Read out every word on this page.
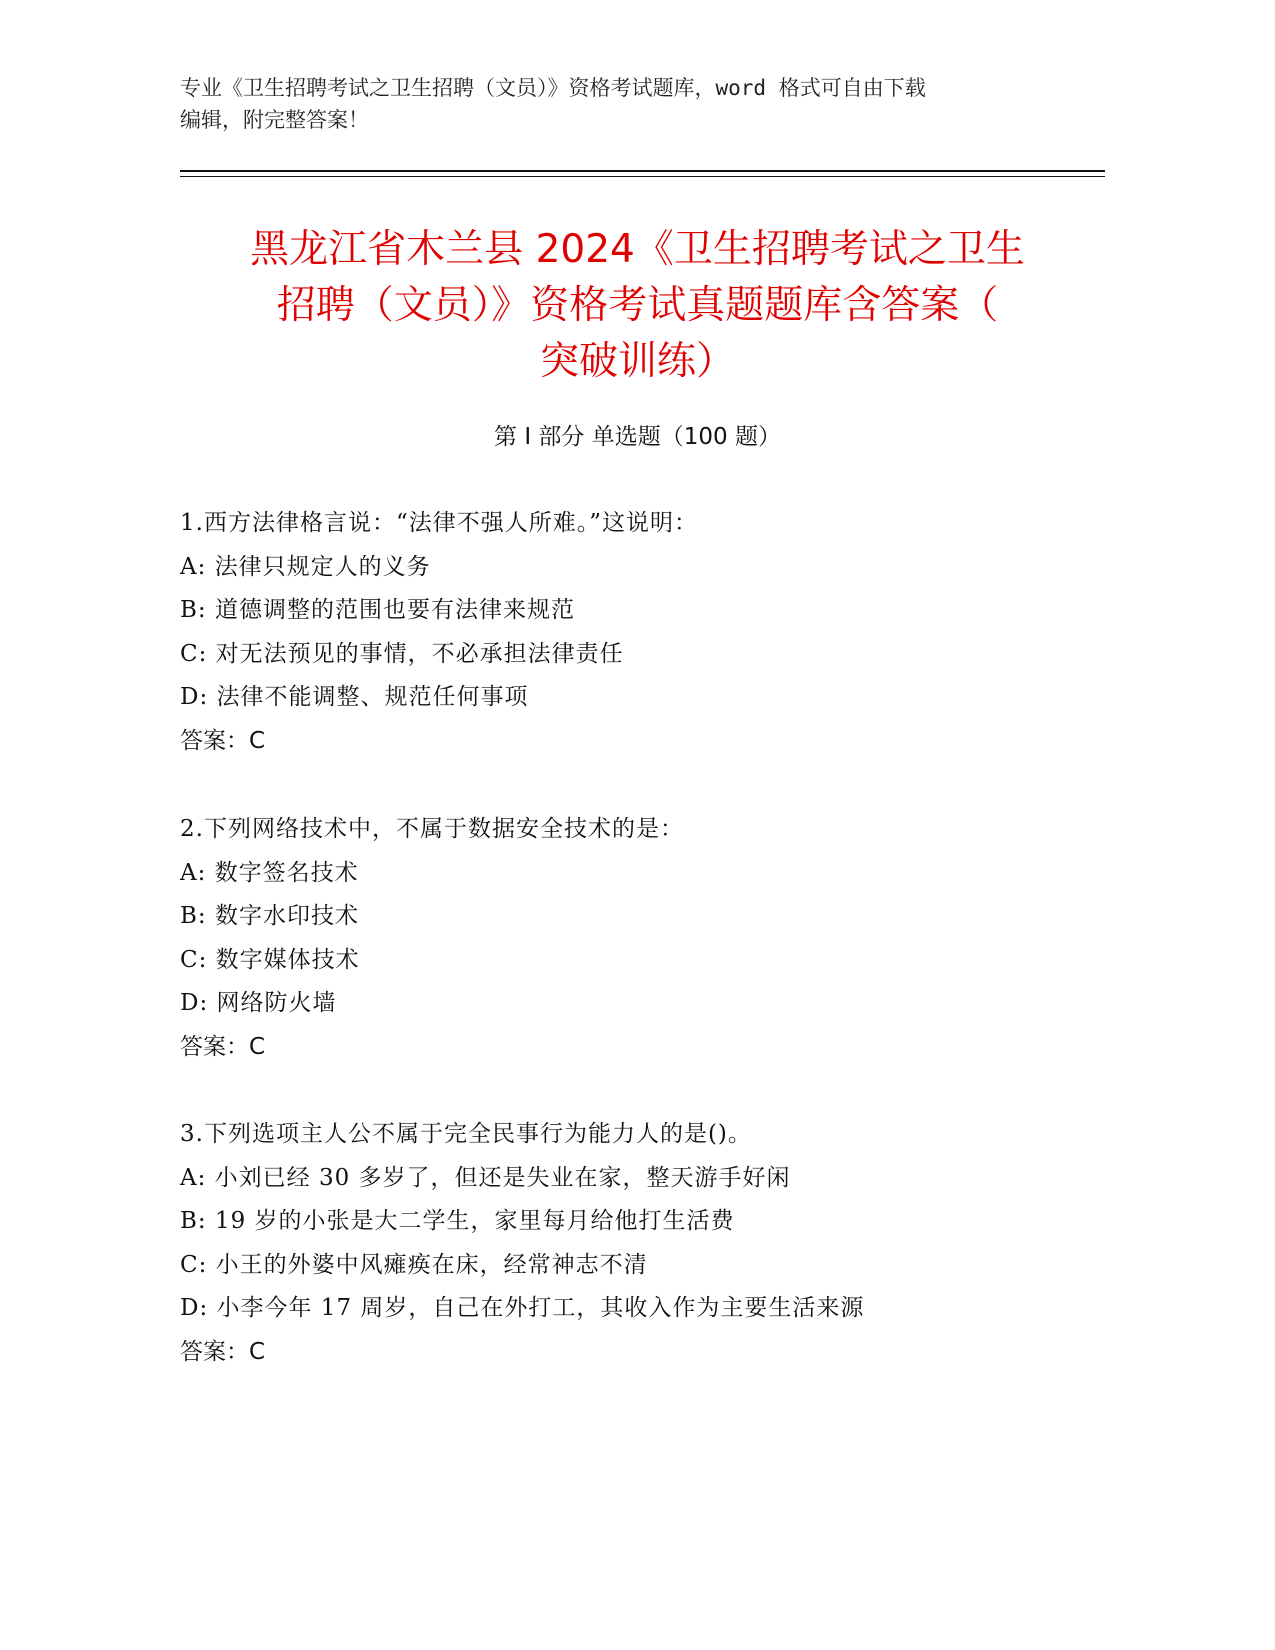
专业《卫生招聘考试之卫生招聘（文员）》资格考试题库，word 格式可自由下载
编辑，附完整答案！
黑龙江省木兰县 2024《卫生招聘考试之卫生
招聘（文员）》资格考试真题题库含答案（
突破训练）
第 I 部分 单选题（100 题）
1.西方法律格言说：“法律不强人所难。”这说明：
A: 法律只规定人的义务
B: 道德调整的范围也要有法律来规范
C: 对无法预见的事情，不必承担法律责任
D: 法律不能调整、规范任何事项
答案：C
2.下列网络技术中，不属于数据安全技术的是：
A: 数字签名技术
B: 数字水印技术
C: 数字媒体技术
D: 网络防火墙
答案：C
3.下列选项主人公不属于完全民事行为能力人的是()。
A: 小刘已经 30 多岁了，但还是失业在家，整天游手好闲
B: 19 岁的小张是大二学生，家里每月给他打生活费
C: 小王的外婆中风瘫痪在床，经常神志不清
D: 小李今年 17 周岁，自己在外打工，其收入作为主要生活来源
答案：C
